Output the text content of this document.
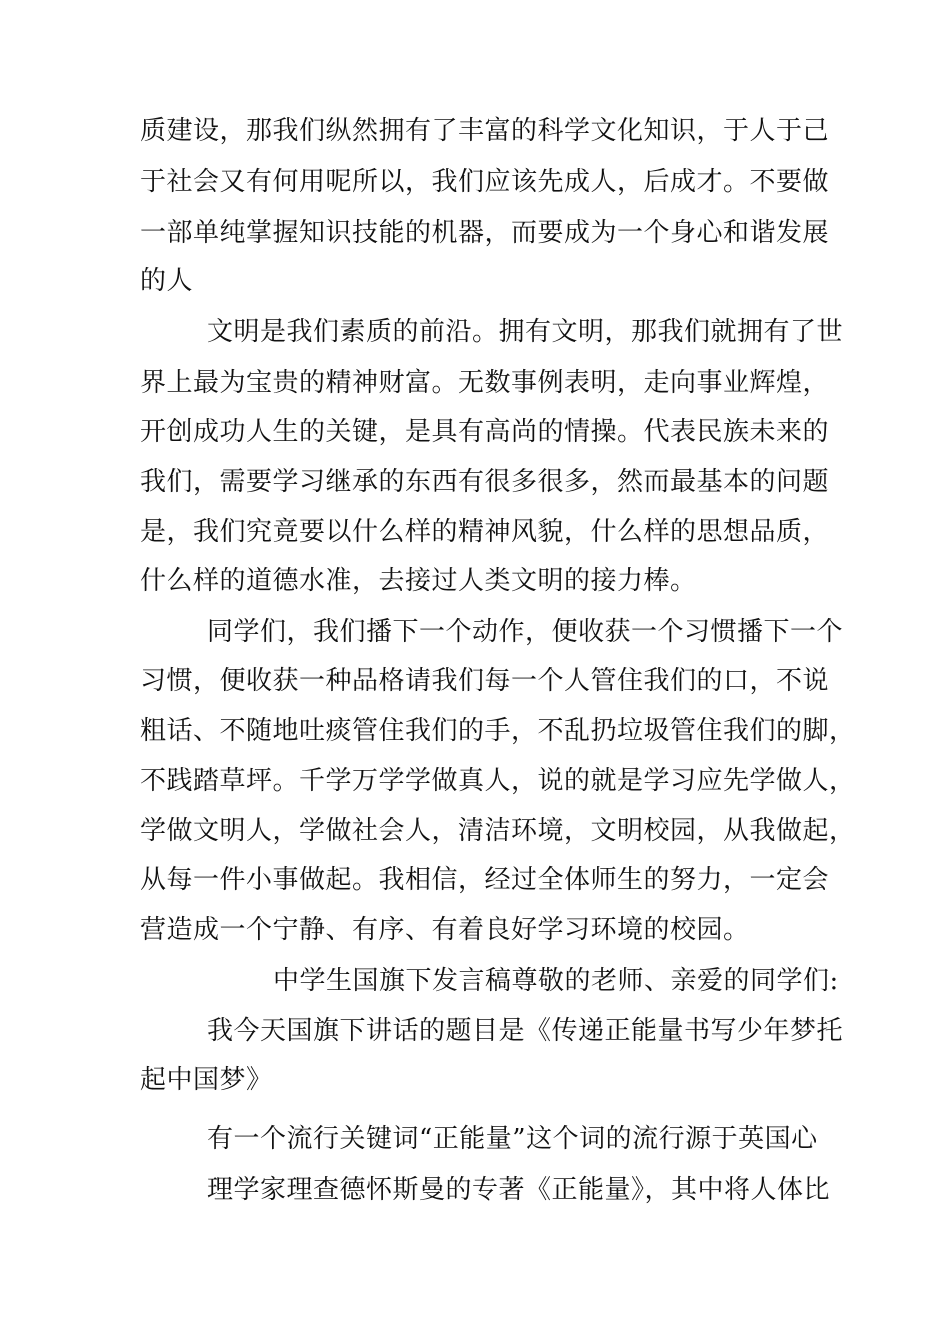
质建设，那我们纵然拥有了丰富的科学文化知识，于人于己

于社会又有何用呢所以，我们应该先成人，后成才。不要做

一部单纯掌握知识技能的机器，而要成为一个身心和谐发展

的人

文明是我们素质的前沿。拥有文明，那我们就拥有了世

界上最为宝贵的精神财富。无数事例表明，走向事业辉煌，

开创成功人生的关键，是具有高尚的情操。代表民族未来的

我们，需要学习继承的东西有很多很多，然而最基本的问题

是，我们究竟要以什么样的精神风貌，什么样的思想品质，

什么样的道德水准，去接过人类文明的接力棒。

同学们，我们播下一个动作，便收获一个习惯播下一个

习惯，便收获一种品格请我们每一个人管住我们的口，不说

粗话、不随地吐痰管住我们的手，不乱扔垃圾管住我们的脚，

不践踏草坪。千学万学学做真人，说的就是学习应先学做人，

学做文明人，学做社会人，清洁环境，文明校园，从我做起，

从每一件小事做起。我相信，经过全体师生的努力，一定会

营造成一个宁静、有序、有着良好学习环境的校园。

中学生国旗下发言稿尊敬的老师、亲爱的同学们:

我今天国旗下讲话的题目是《传递正能量书写少年梦托

起中国梦》

有一个流行关键词“正能量”这个词的流行源于英国心

理学家理查德怀斯曼的专著《正能量》，其中将人体比
